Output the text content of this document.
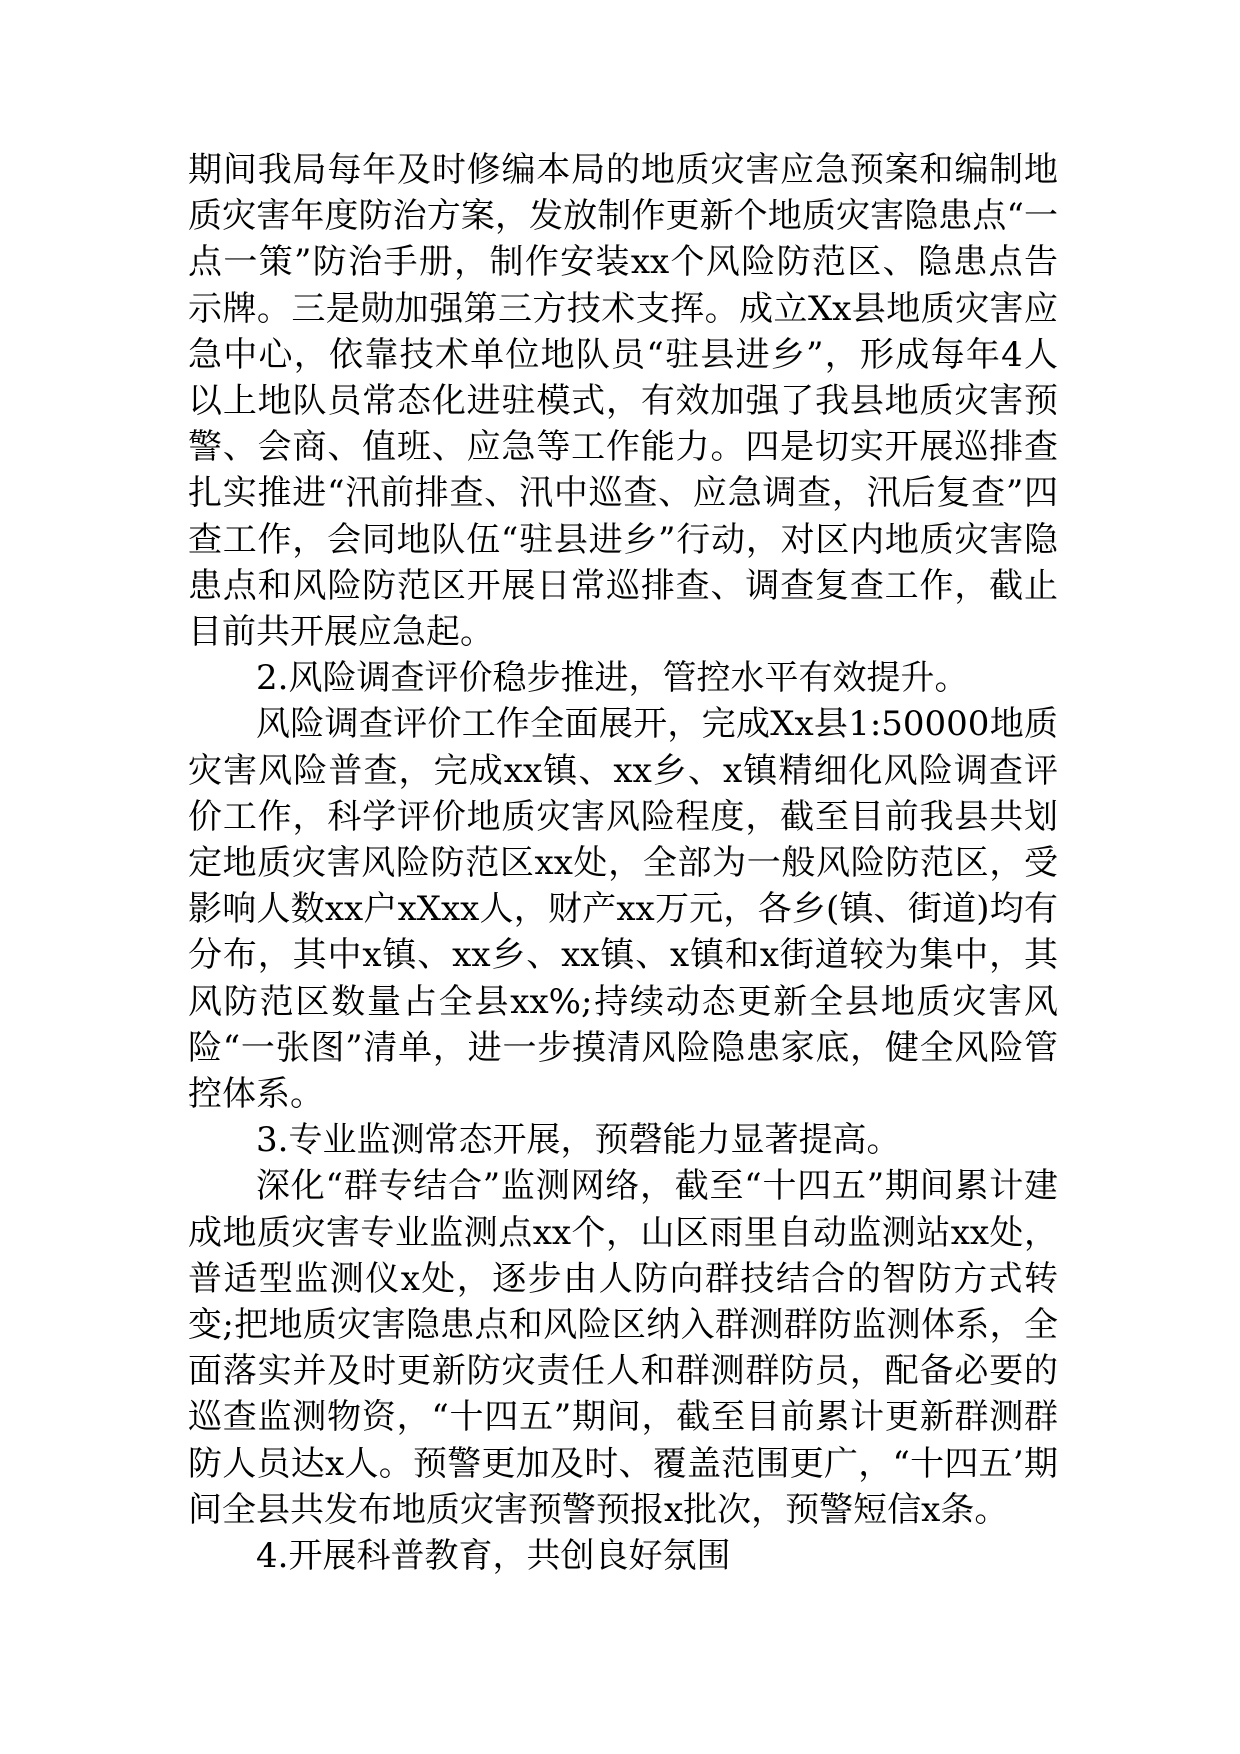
期间我局每年及时修编本局的地质灾害应急预案和编制地质灾害年度防治方案，发放制作更新个地质灾害隐患点“一点一策”防治手册，制作安装xx个风险防范区、隐患点告示牌。三是勋加强第三方技术支挥。成立Xx县地质灾害应急中心，依靠技术单位地队员“驻县进乡”，形成每年4人以上地队员常态化进驻模式，有效加强了我县地质灾害预警、会商、值班、应急等工作能力。四是切实开展巡排查扎实推进“汛前排查、汛中巡查、应急调查，汛后复查”四查工作，会同地队伍“驻县进乡”行动，对区内地质灾害隐患点和风险防范区开展日常巡排查、调查复查工作，截止目前共开展应急起。

2.风险调查评价稳步推进，管控水平有效提升。

风险调查评价工作全面展开，完成Xx县1:50000地质灾害风险普查，完成xx镇、xx乡、x镇精细化风险调查评价工作，科学评价地质灾害风险程度，截至目前我县共划定地质灾害风险防范区xx处，全部为一般风险防范区，受影响人数xx户xXxx人，财产xx万元，各乡(镇、街道)均有分布，其中x镇、xx乡、xx镇、x镇和x街道较为集中，其风防范区数量占全县xx%;持续动态更新全县地质灾害风险“一张图”清单，进一步摸清风险隐患家底，健全风险管控体系。

3.专业监测常态开展，预磬能力显著提高。

深化“群专结合”监测网络，截至“十四五”期间累计建成地质灾害专业监测点xx个，山区雨里自动监测站xx处，普适型监测仪x处，逐步由人防向群技结合的智防方式转变;把地质灾害隐患点和风险区纳入群测群防监测体系，全面落实并及时更新防灾责任人和群测群防员，配备必要的巡查监测物资，“十四五”期间，截至目前累计更新群测群防人员达x人。预警更加及时、覆盖范围更广，“十四五’期间全县共发布地质灾害预警预报x批次，预警短信x条。

4.开展科普教育，共创良好氛围
